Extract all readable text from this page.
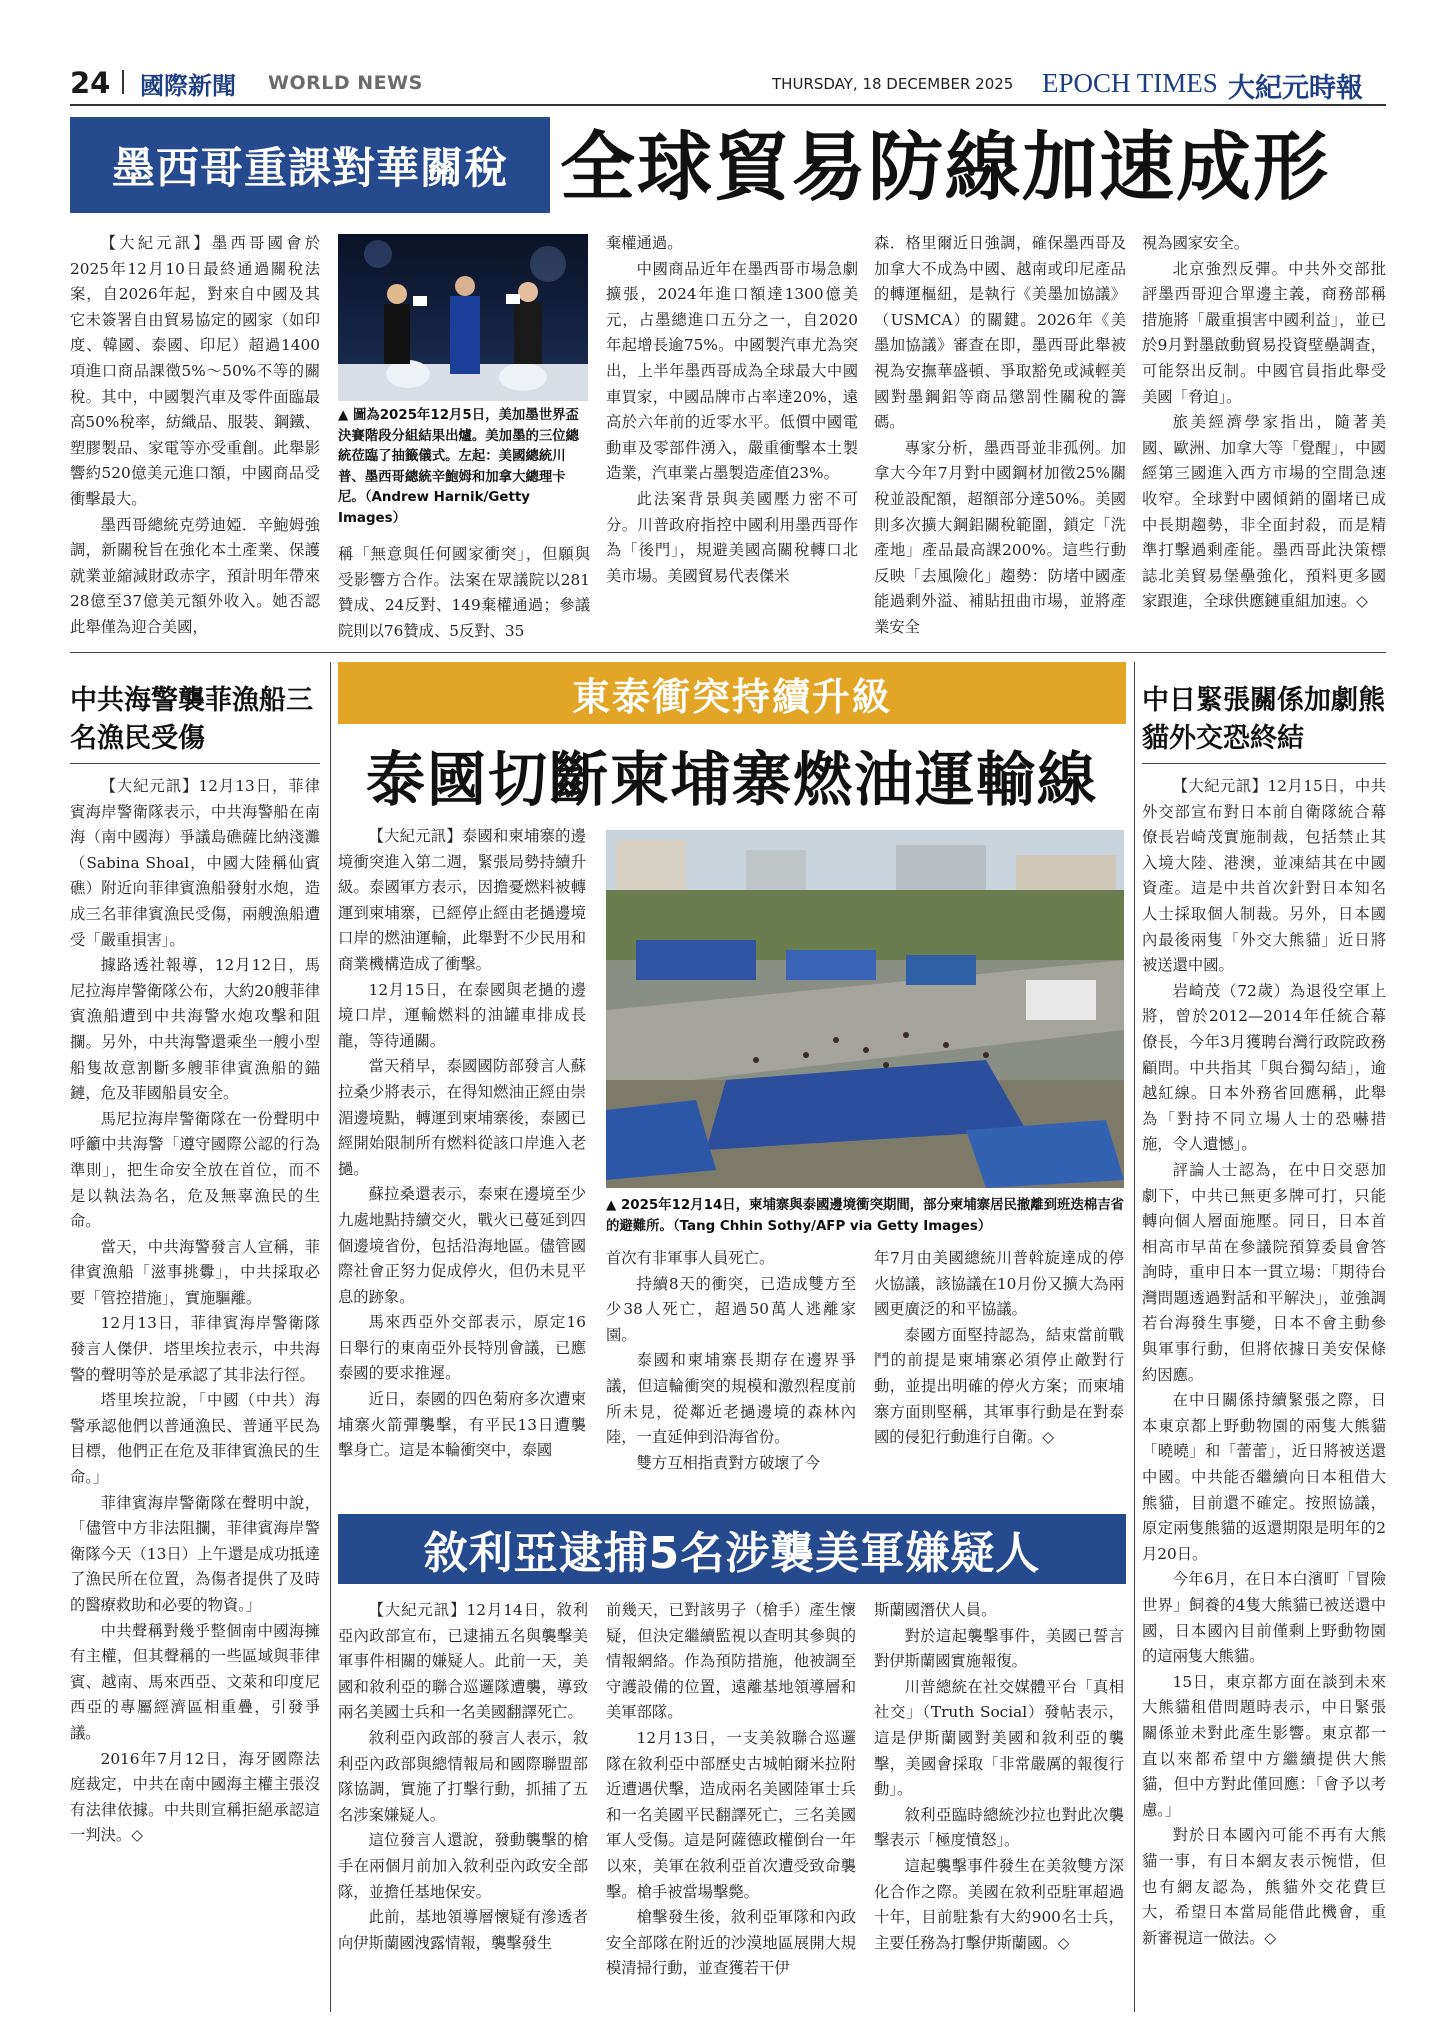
24 國際新聞 WORLD NEWS	THURSDAY, 18 DECEMBER 2025 EPOCH TIMES 大紀元時報
墨西哥重課對華關稅 全球貿易防線加速成形

【大紀元訊】墨西哥國會於2025年12月10日最終通過關稅法案，自2026年起，對來自中國及其它未簽署自由貿易協定的國家（如印度、韓國、泰國、印尼）超過1400項進口商品課徵5%～50%不等的關稅。其中，中國製汽車及零件面臨最高50%稅率，紡織品、服裝、鋼鐵、塑膠製品、家電等亦受重創。此舉影響約520億美元進口額，中國商品受衝擊最大。

墨西哥總統克勞迪婭．辛鮑姆強調，新關稅旨在強化本土產業、保護就業並縮減財政赤字，預計明年帶來28億至37億美元額外收入。她否認此舉僅為迎合美國，

▲ 圖為2025年12月5日，美加墨世界盃決賽階段分組結果出爐。美加墨的三位總統莅臨了抽籤儀式。左起：美國總統川普、墨西哥總統辛鮑姆和加拿大總理卡尼。（Andrew Harnik/Getty Images）

稱「無意與任何國家衝突」，但願與受影響方合作。法案在眾議院以281贊成、24反對、149棄權通過；參議院則以76贊成、5反對、35

棄權通過。

中國商品近年在墨西哥市場急劇擴張，2024年進口額達1300億美元，占墨總進口五分之一，自2020年起增長逾75%。中國製汽車尤為突出，上半年墨西哥成為全球最大中國車買家，中國品牌市占率達20%，遠高於六年前的近零水平。低價中國電動車及零部件湧入，嚴重衝擊本土製造業，汽車業占墨製造產值23%。

此法案背景與美國壓力密不可分。川普政府指控中國利用墨西哥作為「後門」，規避美國高關稅轉口北美市場。美國貿易代表傑米

森．格里爾近日強調，確保墨西哥及加拿大不成為中國、越南或印尼產品的轉運樞紐，是執行《美墨加協議》（USMCA）的關鍵。2026年《美墨加協議》審查在即，墨西哥此舉被視為安撫華盛頓、爭取豁免或減輕美國對墨鋼鋁等商品懲罰性關稅的籌碼。

專家分析，墨西哥並非孤例。加拿大今年7月對中國鋼材加徵25%關稅並設配額，超額部分達50%。美國則多次擴大鋼鋁關稅範圍，鎖定「洗產地」產品最高課200%。這些行動反映「去風險化」趨勢：防堵中國產能過剩外溢、補貼扭曲市場，並將產業安全

視為國家安全。

北京強烈反彈。中共外交部批評墨西哥迎合單邊主義，商務部稱措施將「嚴重損害中國利益」，並已於9月對墨啟動貿易投資壁壘調查，可能祭出反制。中國官員指此舉受美國「脅迫」。

旅美經濟學家指出，隨著美國、歐洲、加拿大等「覺醒」，中國經第三國進入西方市場的空間急速收窄。全球對中國傾銷的圍堵已成中長期趨勢，非全面封殺，而是精準打擊過剩產能。墨西哥此決策標誌北美貿易堡壘強化，預料更多國家跟進，全球供應鏈重組加速。◇

中共海警襲菲漁船三名漁民受傷

【大紀元訊】12月13日，菲律賓海岸警衛隊表示，中共海警船在南海（南中國海）爭議島礁薩比納淺灘（Sabina Shoal，中國大陸稱仙賓礁）附近向菲律賓漁船發射水炮，造成三名菲律賓漁民受傷，兩艘漁船遭受「嚴重損害」。

據路透社報導，12月12日，馬尼拉海岸警衛隊公布，大約20艘菲律賓漁船遭到中共海警水炮攻擊和阻攔。另外，中共海警還乘坐一艘小型船隻故意割斷多艘菲律賓漁船的錨鏈，危及菲國船員安全。

馬尼拉海岸警衛隊在一份聲明中呼籲中共海警「遵守國際公認的行為準則」，把生命安全放在首位，而不是以執法為名，危及無辜漁民的生命。

當天，中共海警發言人宣稱，菲律賓漁船「滋事挑釁」，中共採取必要「管控措施」，實施驅離。

12月13日，菲律賓海岸警衛隊發言人傑伊．塔里埃拉表示，中共海警的聲明等於是承認了其非法行徑。

塔里埃拉說，「中國（中共）海警承認他們以普通漁民、普通平民為目標，他們正在危及菲律賓漁民的生命。」

菲律賓海岸警衛隊在聲明中說，「儘管中方非法阻攔，菲律賓海岸警衛隊今天（13日）上午還是成功抵達了漁民所在位置，為傷者提供了及時的醫療救助和必要的物資。」

中共聲稱對幾乎整個南中國海擁有主權，但其聲稱的一些區域與菲律賓、越南、馬來西亞、文萊和印度尼西亞的專屬經濟區相重疊，引發爭議。

2016年7月12日，海牙國際法庭裁定，中共在南中國海主權主張沒有法律依據。中共則宣稱拒絕承認這一判決。◇

東泰衝突持續升級
泰國切斷柬埔寨燃油運輸線

【大紀元訊】泰國和柬埔寨的邊境衝突進入第二週，緊張局勢持續升級。泰國軍方表示，因擔憂燃料被轉運到柬埔寨，已經停止經由老撾邊境口岸的燃油運輸，此舉對不少民用和商業機構造成了衝擊。

12月15日，在泰國與老撾的邊境口岸，運輸燃料的油罐車排成長龍，等待通關。

當天稍早，泰國國防部發言人蘇拉桑少將表示，在得知燃油正經由崇湄邊境點，轉運到柬埔寨後，泰國已經開始限制所有燃料從該口岸進入老撾。

蘇拉桑還表示，泰柬在邊境至少九處地點持續交火，戰火已蔓延到四個邊境省份，包括沿海地區。儘管國際社會正努力促成停火，但仍未見平息的跡象。

馬來西亞外交部表示，原定16日舉行的東南亞外長特別會議，已應泰國的要求推遲。

近日，泰國的四色菊府多次遭柬埔寨火箭彈襲擊，有平民13日遭襲擊身亡。這是本輪衝突中，泰國

▲ 2025年12月14日，柬埔寨與泰國邊境衝突期間，部分柬埔寨居民撤離到班迭棉吉省的避難所。（Tang Chhin Sothy/AFP via Getty Images）

首次有非軍事人員死亡。

持續8天的衝突，已造成雙方至少38人死亡，超過50萬人逃離家園。

泰國和柬埔寨長期存在邊界爭議，但這輪衝突的規模和激烈程度前所未見，從鄰近老撾邊境的森林內陸，一直延伸到沿海省份。

雙方互相指責對方破壞了今

年7月由美國總統川普斡旋達成的停火協議，該協議在10月份又擴大為兩國更廣泛的和平協議。

泰國方面堅持認為，結束當前戰鬥的前提是柬埔寨必須停止敵對行動，並提出明確的停火方案；而柬埔寨方面則堅稱，其軍事行動是在對泰國的侵犯行動進行自衛。◇

敘利亞逮捕5名涉襲美軍嫌疑人

【大紀元訊】12月14日，敘利亞內政部宣布，已逮捕五名與襲擊美軍事件相關的嫌疑人。此前一天，美國和敘利亞的聯合巡邏隊遭襲，導致兩名美國士兵和一名美國翻譯死亡。

敘利亞內政部的發言人表示，敘利亞內政部與總情報局和國際聯盟部隊協調，實施了打擊行動，抓捕了五名涉案嫌疑人。

這位發言人還說，發動襲擊的槍手在兩個月前加入敘利亞內政安全部隊，並擔任基地保安。

此前，基地領導層懷疑有滲透者向伊斯蘭國洩露情報，襲擊發生

前幾天，已對該男子（槍手）產生懷疑，但決定繼續監視以查明其參與的情報網絡。作為預防措施，他被調至守護設備的位置，遠離基地領導層和美軍部隊。

12月13日，一支美敘聯合巡邏隊在敘利亞中部歷史古城帕爾米拉附近遭遇伏擊，造成兩名美國陸軍士兵和一名美國平民翻譯死亡，三名美國軍人受傷。這是阿薩德政權倒台一年以來，美軍在敘利亞首次遭受致命襲擊。槍手被當場擊斃。

槍擊發生後，敘利亞軍隊和內政安全部隊在附近的沙漠地區展開大規模清掃行動，並查獲若干伊

斯蘭國潛伏人員。

對於這起襲擊事件，美國已誓言對伊斯蘭國實施報復。

川普總統在社交媒體平台「真相社交」（Truth Social）發帖表示，這是伊斯蘭國對美國和敘利亞的襲擊，美國會採取「非常嚴厲的報復行動」。

敘利亞臨時總統沙拉也對此次襲擊表示「極度憤怒」。

這起襲擊事件發生在美敘雙方深化合作之際。美國在敘利亞駐軍超過十年，目前駐紮有大約900名士兵，主要任務為打擊伊斯蘭國。◇

中日緊張關係加劇熊貓外交恐終結

【大紀元訊】12月15日，中共外交部宣布對日本前自衛隊統合幕僚長岩崎茂實施制裁，包括禁止其入境大陸、港澳，並凍結其在中國資產。這是中共首次針對日本知名人士採取個人制裁。另外，日本國內最後兩隻「外交大熊貓」近日將被送還中國。

岩崎茂（72歲）為退役空軍上將，曾於2012—2014年任統合幕僚長，今年3月獲聘台灣行政院政務顧問。中共指其「與台獨勾結」，逾越紅線。日本外務省回應稱，此舉為「對持不同立場人士的恐嚇措施，令人遺憾」。

評論人士認為，在中日交惡加劇下，中共已無更多牌可打，只能轉向個人層面施壓。同日，日本首相高市早苗在參議院預算委員會答詢時，重申日本一貫立場：「期待台灣問題透過對話和平解決」，並強調若台海發生事變，日本不會主動參與軍事行動，但將依據日美安保條約因應。

在中日關係持續緊張之際，日本東京都上野動物園的兩隻大熊貓「曉曉」和「蕾蕾」，近日將被送還中國。中共能否繼續向日本租借大熊貓，目前還不確定。按照協議，原定兩隻熊貓的返還期限是明年的2月20日。

今年6月，在日本白濱町「冒險世界」飼養的4隻大熊貓已被送還中國，日本國內目前僅剩上野動物園的這兩隻大熊貓。

15日，東京都方面在談到未來大熊貓租借問題時表示，中日緊張關係並未對此產生影響。東京都一直以來都希望中方繼續提供大熊貓，但中方對此僅回應：「會予以考慮。」

對於日本國內可能不再有大熊貓一事，有日本網友表示惋惜，但也有網友認為，熊貓外交花費巨大，希望日本當局能借此機會，重新審視這一做法。◇
